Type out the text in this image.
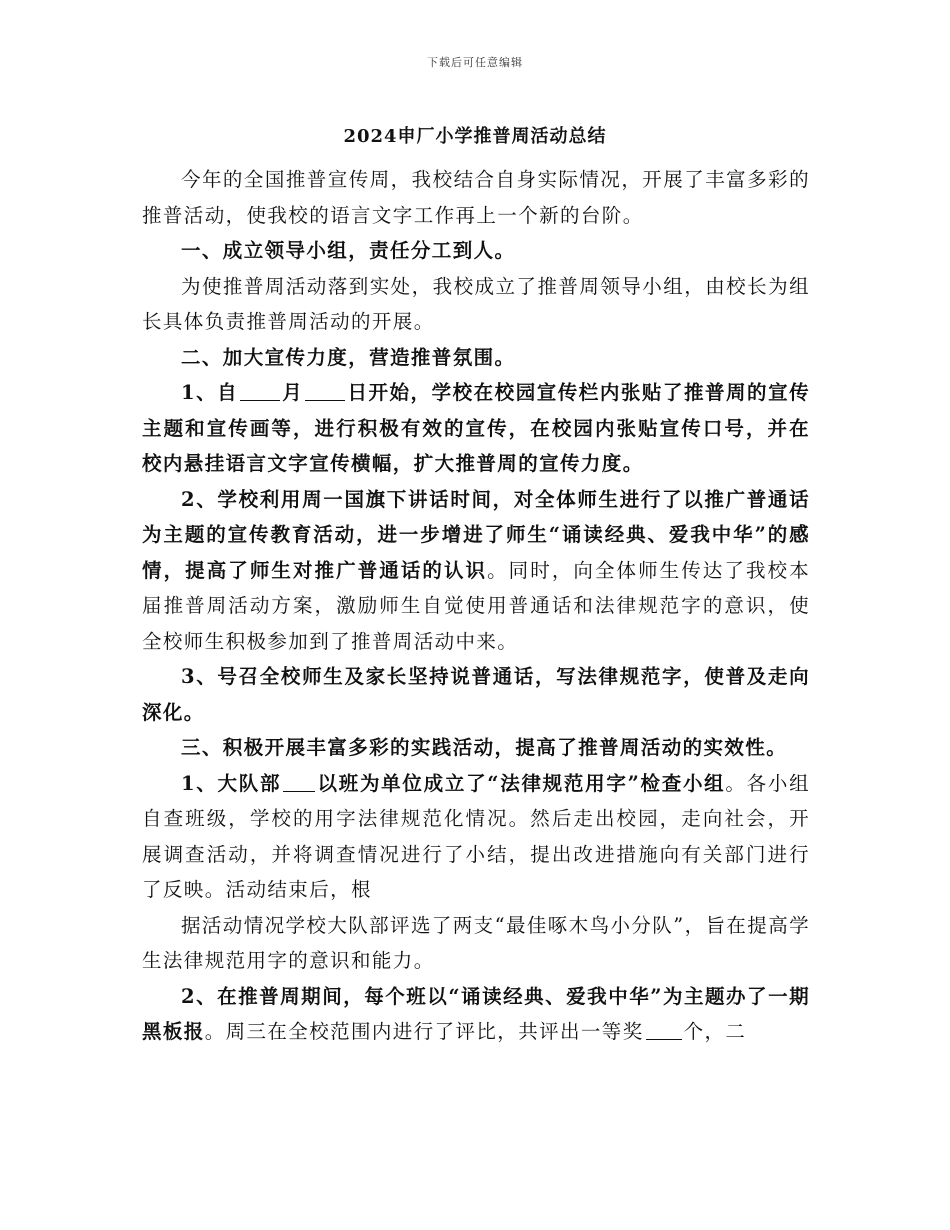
下载后可任意编辑
2024申厂小学推普周活动总结

今年的全国推普宣传周，我校结合自身实际情况，开展了丰富多彩的推普活动，使我校的语言文字工作再上一个新的台阶。

一、成立领导小组，责任分工到人。

为使推普周活动落到实处，我校成立了推普周领导小组，由校长为组长具体负责推普周活动的开展。

二、加大宣传力度，营造推普氛围。

1、自 月 日开始，学校在校园宣传栏内张贴了推普周的宣传主题和宣传画等，进行积极有效的宣传，在校园内张贴宣传口号，并在校内悬挂语言文字宣传横幅，扩大推普周的宣传力度。

2、学校利用周一国旗下讲话时间，对全体师生进行了以推广普通话为主题的宣传教育活动，进一步增进了师生“诵读经典、爱我中华”的感情，提高了师生对推广普通话的认识。同时，向全体师生传达了我校本届推普周活动方案，激励师生自觉使用普通话和法律规范字的意识，使全校师生积极参加到了推普周活动中来。

3、号召全校师生及家长坚持说普通话，写法律规范字，使普及走向深化。

三、积极开展丰富多彩的实践活动，提高了推普周活动的实效性。

1、大队部 以班为单位成立了“法律规范用字”检查小组。各小组自查班级，学校的用字法律规范化情况。然后走出校园，走向社会，开展调查活动，并将调查情况进行了小结，提出改进措施向有关部门进行了反映。活动结束后，根

据活动情况学校大队部评选了两支“最佳啄木鸟小分队”，旨在提高学生法律规范用字的意识和能力。

2、在推普周期间，每个班以“诵读经典、爱我中华”为主题办了一期黑板报。周三在全校范围内进行了评比，共评出一等奖 个，二
